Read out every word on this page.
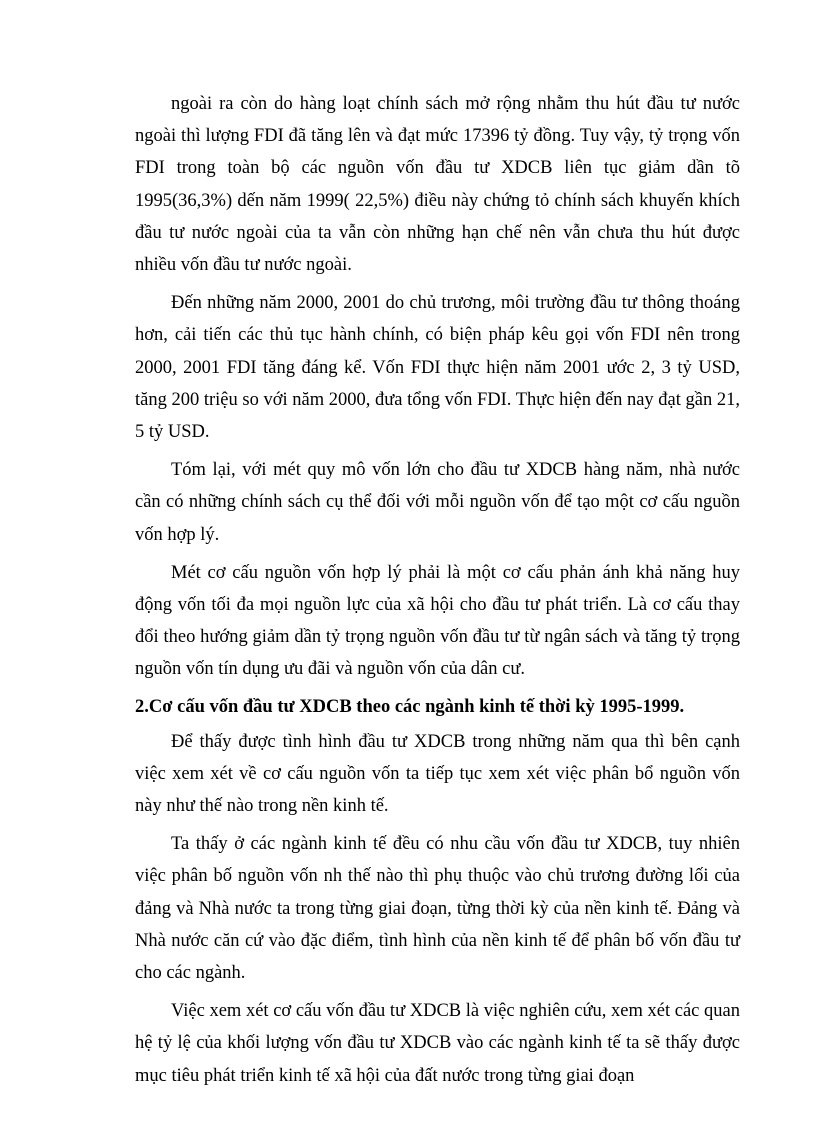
ngoài ra còn do hàng loạt chính sách mở rộng nhằm thu hút đầu tư nước ngoài thì lượng FDI đã tăng lên và đạt mức 17396 tỷ đồng. Tuy vậy, tỷ trọng vốn FDI trong toàn bộ các nguồn vốn đầu tư XDCB liên tục giảm dần tõ 1995(36,3%) dến năm 1999( 22,5%) điều này chứng tỏ chính sách khuyến khích đầu tư nước ngoài của ta vẫn còn những hạn chế nên vẫn chưa thu hút được nhiều vốn đầu tư nước ngoài.

Đến những năm 2000, 2001 do chủ trương, môi trường đầu tư thông thoáng hơn, cải tiến các thủ tục hành chính, có biện pháp kêu gọi vốn FDI nên trong 2000, 2001 FDI tăng đáng kể. Vốn FDI thực hiện năm 2001 ước 2, 3 tỷ USD, tăng 200 triệu so với năm 2000, đưa tổng vốn FDI. Thực hiện đến nay đạt gần 21, 5 tỷ USD.

Tóm lại, với mét quy mô vốn lớn cho đầu tư XDCB hàng năm, nhà nước cần có những chính sách cụ thể đối với mỗi nguồn vốn để tạo một cơ cấu nguồn vốn hợp lý.

Mét cơ cấu nguồn vốn hợp lý phải là một cơ cấu phản ánh khả năng huy động vốn tối đa mọi nguồn lực của xã hội cho đầu tư phát triển. Là cơ cấu thay đổi theo hướng giảm dần tỷ trọng nguồn vốn đầu tư từ ngân sách và tăng tỷ trọng nguồn vốn tín dụng ưu đãi và nguồn vốn của dân cư.

2.Cơ cấu vốn đầu tư XDCB theo các ngành kinh tế thời kỳ 1995-1999.

Để thấy được tình hình đầu tư XDCB trong những năm qua thì bên cạnh việc xem xét về cơ cấu nguồn vốn ta tiếp tục xem xét việc phân bổ nguồn vốn này như thế nào trong nền kinh tế.

Ta thấy ở các ngành kinh tế đều có nhu cầu vốn đầu tư XDCB, tuy nhiên việc phân bố nguồn vốn nh thế nào thì phụ thuộc vào chủ trương đường lối của đảng và Nhà nước ta trong từng giai đoạn, từng thời kỳ của nền kinh tế. Đảng và Nhà nước căn cứ vào đặc điểm, tình hình của nền kinh tế để phân bố vốn đầu tư cho các ngành.

Việc xem xét cơ cấu vốn đầu tư XDCB là việc nghiên cứu, xem xét các quan hệ tỷ lệ của khối lượng vốn đầu tư XDCB vào các ngành kinh tế ta sẽ thấy được mục tiêu phát triển kinh tế xã hội của đất nước trong từng giai đoạn
